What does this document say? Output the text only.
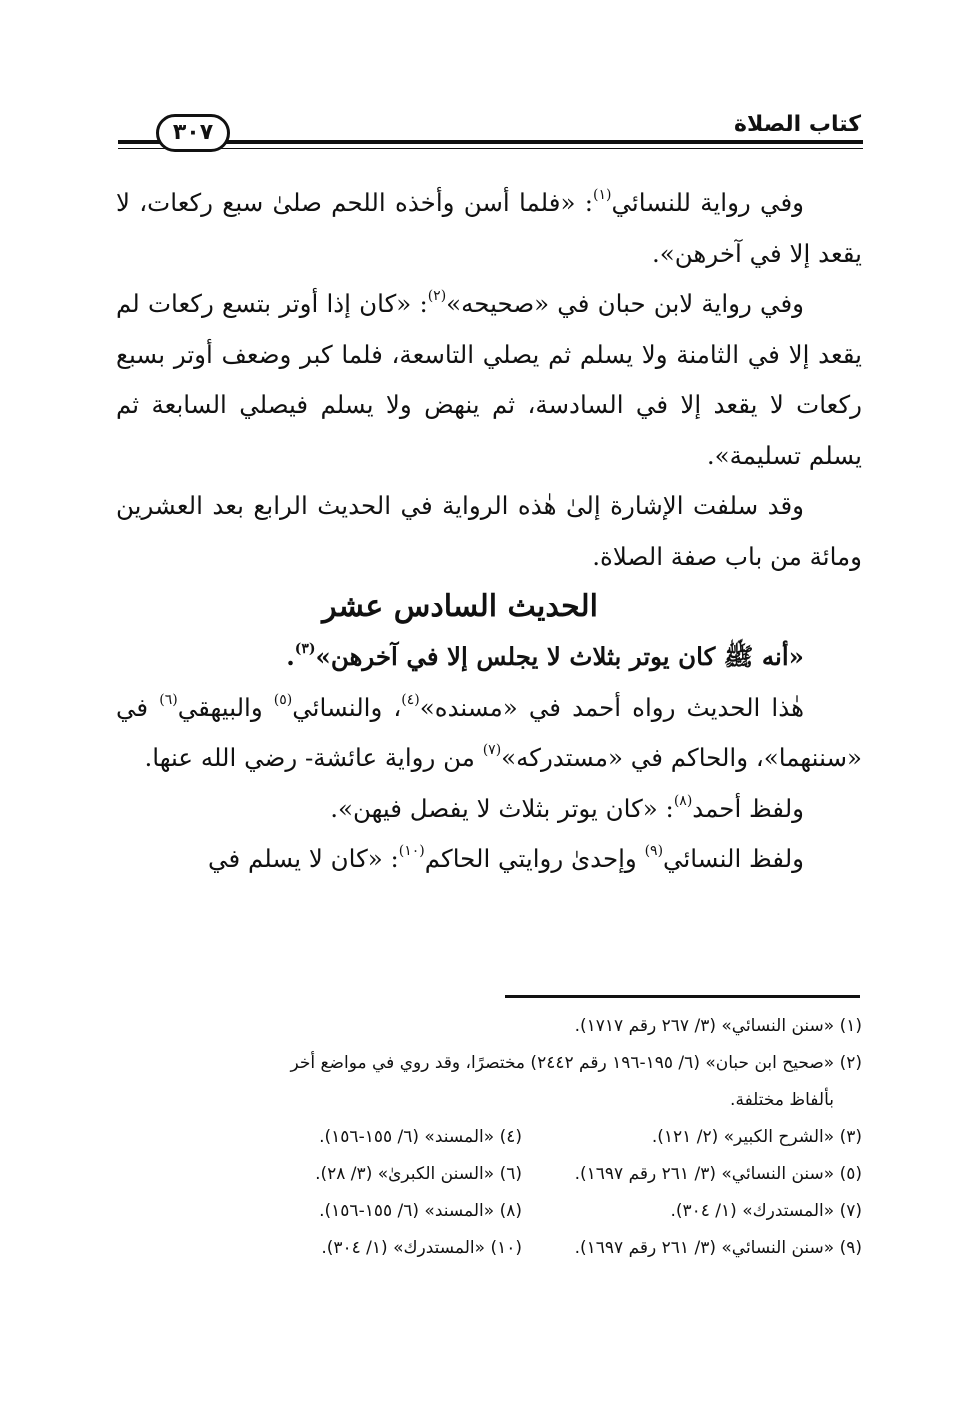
٣٠٧	كتاب الصلاة

وفي رواية للنسائي$^{(١)}$: «فلما أسن وأخذه اللحم صلىٰ سبع ركعات، لا يقعد إلا في آخرهن».

وفي رواية لابن حبان في «صحيحه»$^{(٢)}$: «كان إذا أوتر بتسع ركعات لم يقعد إلا في الثامنة ولا يسلم ثم يصلي التاسعة، فلما كبر وضعف أوتر بسبع ركعات لا يقعد إلا في السادسة، ثم ينهض ولا يسلم فيصلي السابعة ثم يسلم تسليمة».

وقد سلفت الإشارة إلىٰ هٰذه الرواية في الحديث الرابع بعد العشرين ومائة من باب صفة الصلاة.

الحديث السادس عشر

«أنه ﷺ كان يوتر بثلاث لا يجلس إلا في آخرهن»$^{(٣)}$.

هٰذا الحديث رواه أحمد في «مسنده»$^{(٤)}$، والنسائي$^{(٥)}$ والبيهقي$^{(٦)}$ في «سننهما»، والحاكم في «مستدركه»$^{(٧)}$ من رواية عائشة- رضي الله عنها.

ولفظ أحمد$^{(٨)}$: «كان يوتر بثلاث لا يفصل فيهن».

ولفظ النسائي$^{(٩)}$ وإحدىٰ روايتي الحاكم$^{(١٠)}$: «كان لا يسلم في

(١) «سنن النسائي» (٣/ ٢٦٧ رقم ١٧١٧).

(٢) «صحيح ابن حبان» (٦/ ١٩٥-١٩٦ رقم ٢٤٤٢) مختصرًا، وقد روي في مواضع أخر

بألفاظ مختلفة.

(٣) «الشرح الكبير» (٢/ ١٢١).
(٤) «المسند» (٦/ ١٥٥-١٥٦).
(٥) «سنن النسائي» (٣/ ٢٦١ رقم ١٦٩٧).
(٦) «السنن الكبرىٰ» (٣/ ٢٨).
(٧) «المستدرك» (١/ ٣٠٤).
(٨) «المسند» (٦/ ١٥٥-١٥٦).
(٩) «سنن النسائي» (٣/ ٢٦١ رقم ١٦٩٧).
(١٠) «المستدرك» (١/ ٣٠٤).
